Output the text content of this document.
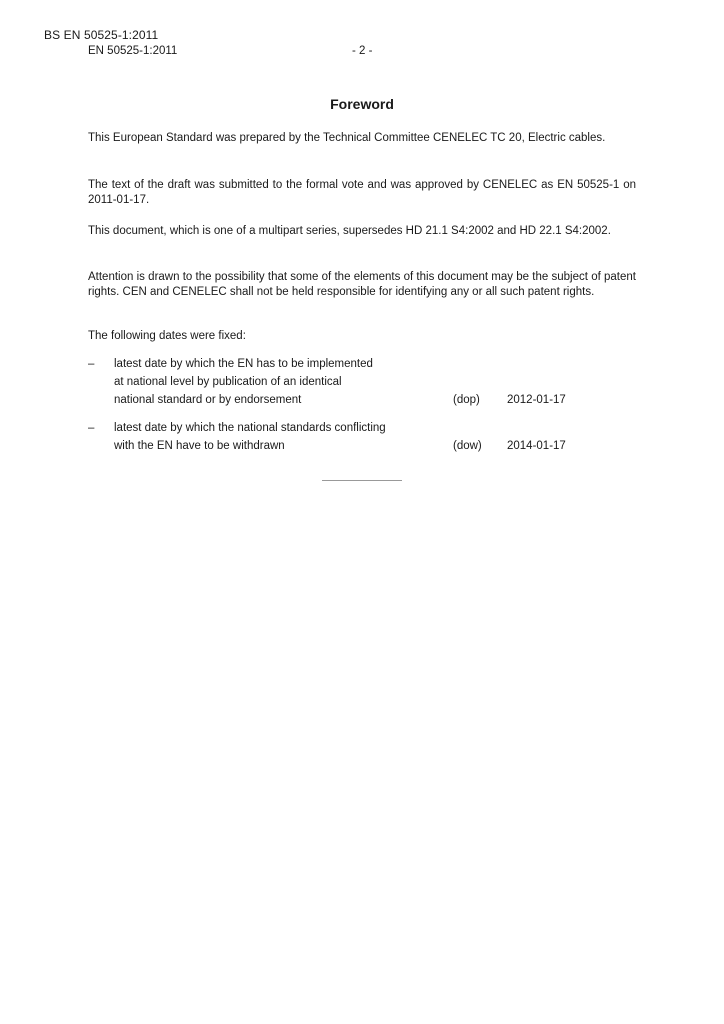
BS EN 50525-1:2011
EN 50525-1:2011	- 2 -
Foreword
This European Standard was prepared by the Technical Committee CENELEC TC 20, Electric cables.
The text of the draft was submitted to the formal vote and was approved by CENELEC as EN 50525-1 on 2011-01-17.
This document, which is one of a multipart series, supersedes HD 21.1 S4:2002 and HD 22.1 S4:2002.
Attention is drawn to the possibility that some of the elements of this document may be the subject of patent rights. CEN and CENELEC shall not be held responsible for identifying any or all such patent rights.
The following dates were fixed:
–	latest date by which the EN has to be implemented
at national level by publication of an identical
national standard or by endorsement	(dop) 2012-01-17
–	latest date by which the national standards conflicting
with the EN have to be withdrawn	(dow) 2014-01-17
